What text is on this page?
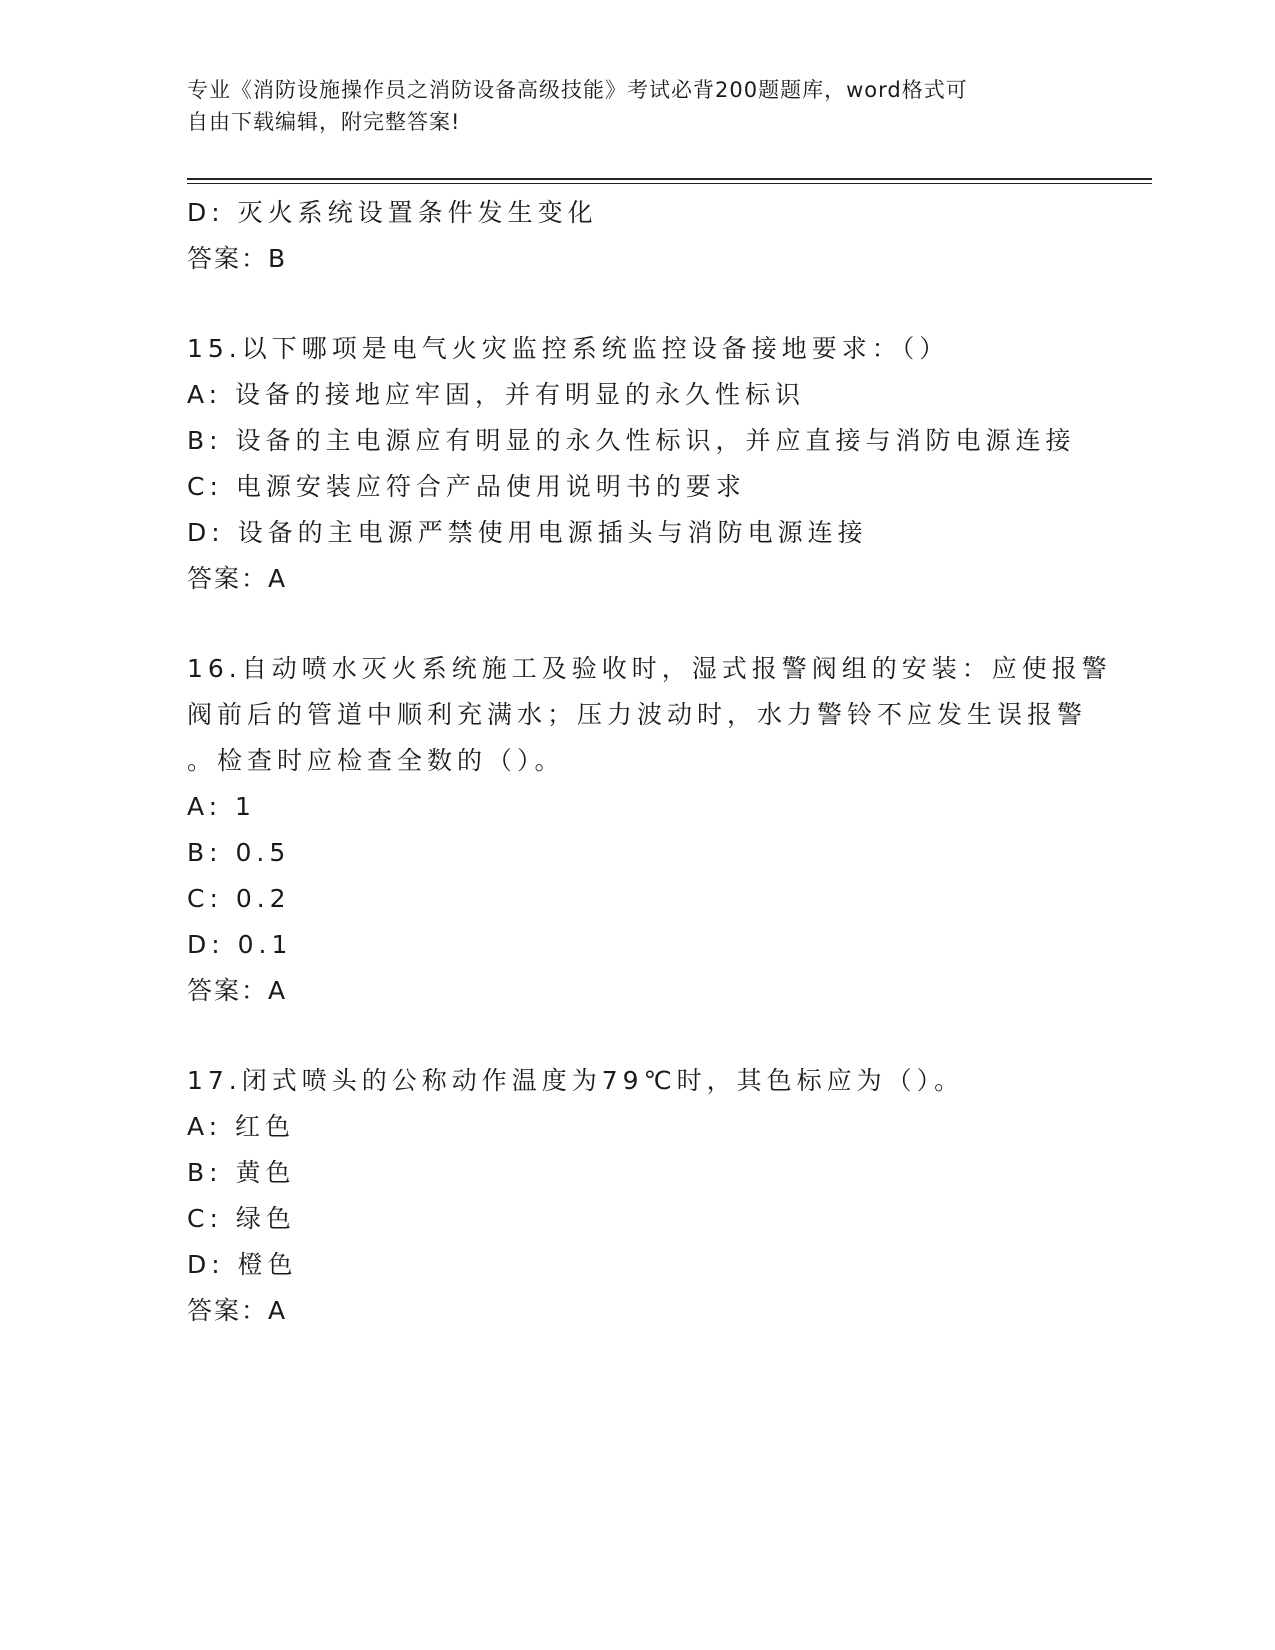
专业《消防设施操作员之消防设备高级技能》考试必背200题题库，word格式可
自由下载编辑，附完整答案!
D: 灭火系统设置条件发生变化
答案：B
15.以下哪项是电气火灾监控系统监控设备接地要求：（）
A: 设备的接地应牢固，并有明显的永久性标识
B: 设备的主电源应有明显的永久性标识，并应直接与消防电源连接
C: 电源安装应符合产品使用说明书的要求
D: 设备的主电源严禁使用电源插头与消防电源连接
答案：A
16.自动喷水灭火系统施工及验收时，湿式报警阀组的安装：应使报警
阀前后的管道中顺利充满水；压力波动时，水力警铃不应发生误报警
。检查时应检查全数的（）。
A: 1
B: 0.5
C: 0.2
D: 0.1
答案：A
17.闭式喷头的公称动作温度为79℃时，其色标应为（）。
A: 红色
B: 黄色
C: 绿色
D: 橙色
答案：A
